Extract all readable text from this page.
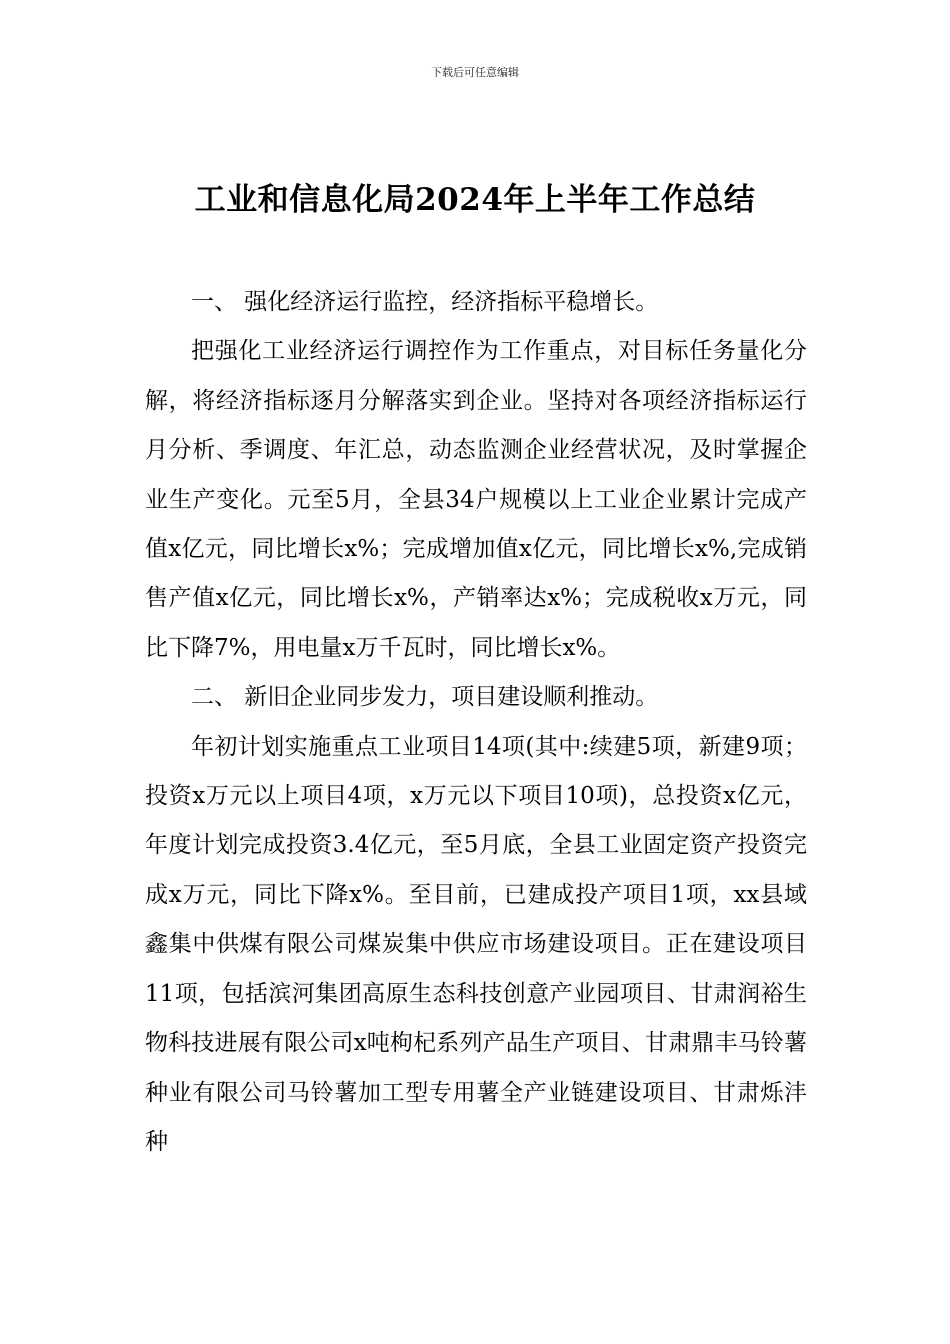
下载后可任意编辑
工业和信息化局2024年上半年工作总结

一、 强化经济运行监控，经济指标平稳增长。

把强化工业经济运行调控作为工作重点，对目标任务量化分解，将经济指标逐月分解落实到企业。坚持对各项经济指标运行月分析、季调度、年汇总，动态监测企业经营状况，及时掌握企业生产变化。元至5月，全县34户规模以上工业企业累计完成产值x亿元，同比增长x%；完成增加值x亿元，同比增长x%,完成销售产值x亿元，同比增长x%，产销率达x%；完成税收x万元，同比下降7%，用电量x万千瓦时，同比增长x%。

二、 新旧企业同步发力，项目建设顺利推动。

年初计划实施重点工业项目14项(其中:续建5项，新建9项；投资x万元以上项目4项，x万元以下项目10项)，总投资x亿元，年度计划完成投资3.4亿元，至5月底，全县工业固定资产投资完成x万元，同比下降x%。至目前，已建成投产项目1项，xx县域鑫集中供煤有限公司煤炭集中供应市场建设项目。正在建设项目11项，包括滨河集团高原生态科技创意产业园项目、甘肃润裕生物科技进展有限公司x吨枸杞系列产品生产项目、甘肃鼎丰马铃薯种业有限公司马铃薯加工型专用薯全产业链建设项目、甘肃烁沣种
